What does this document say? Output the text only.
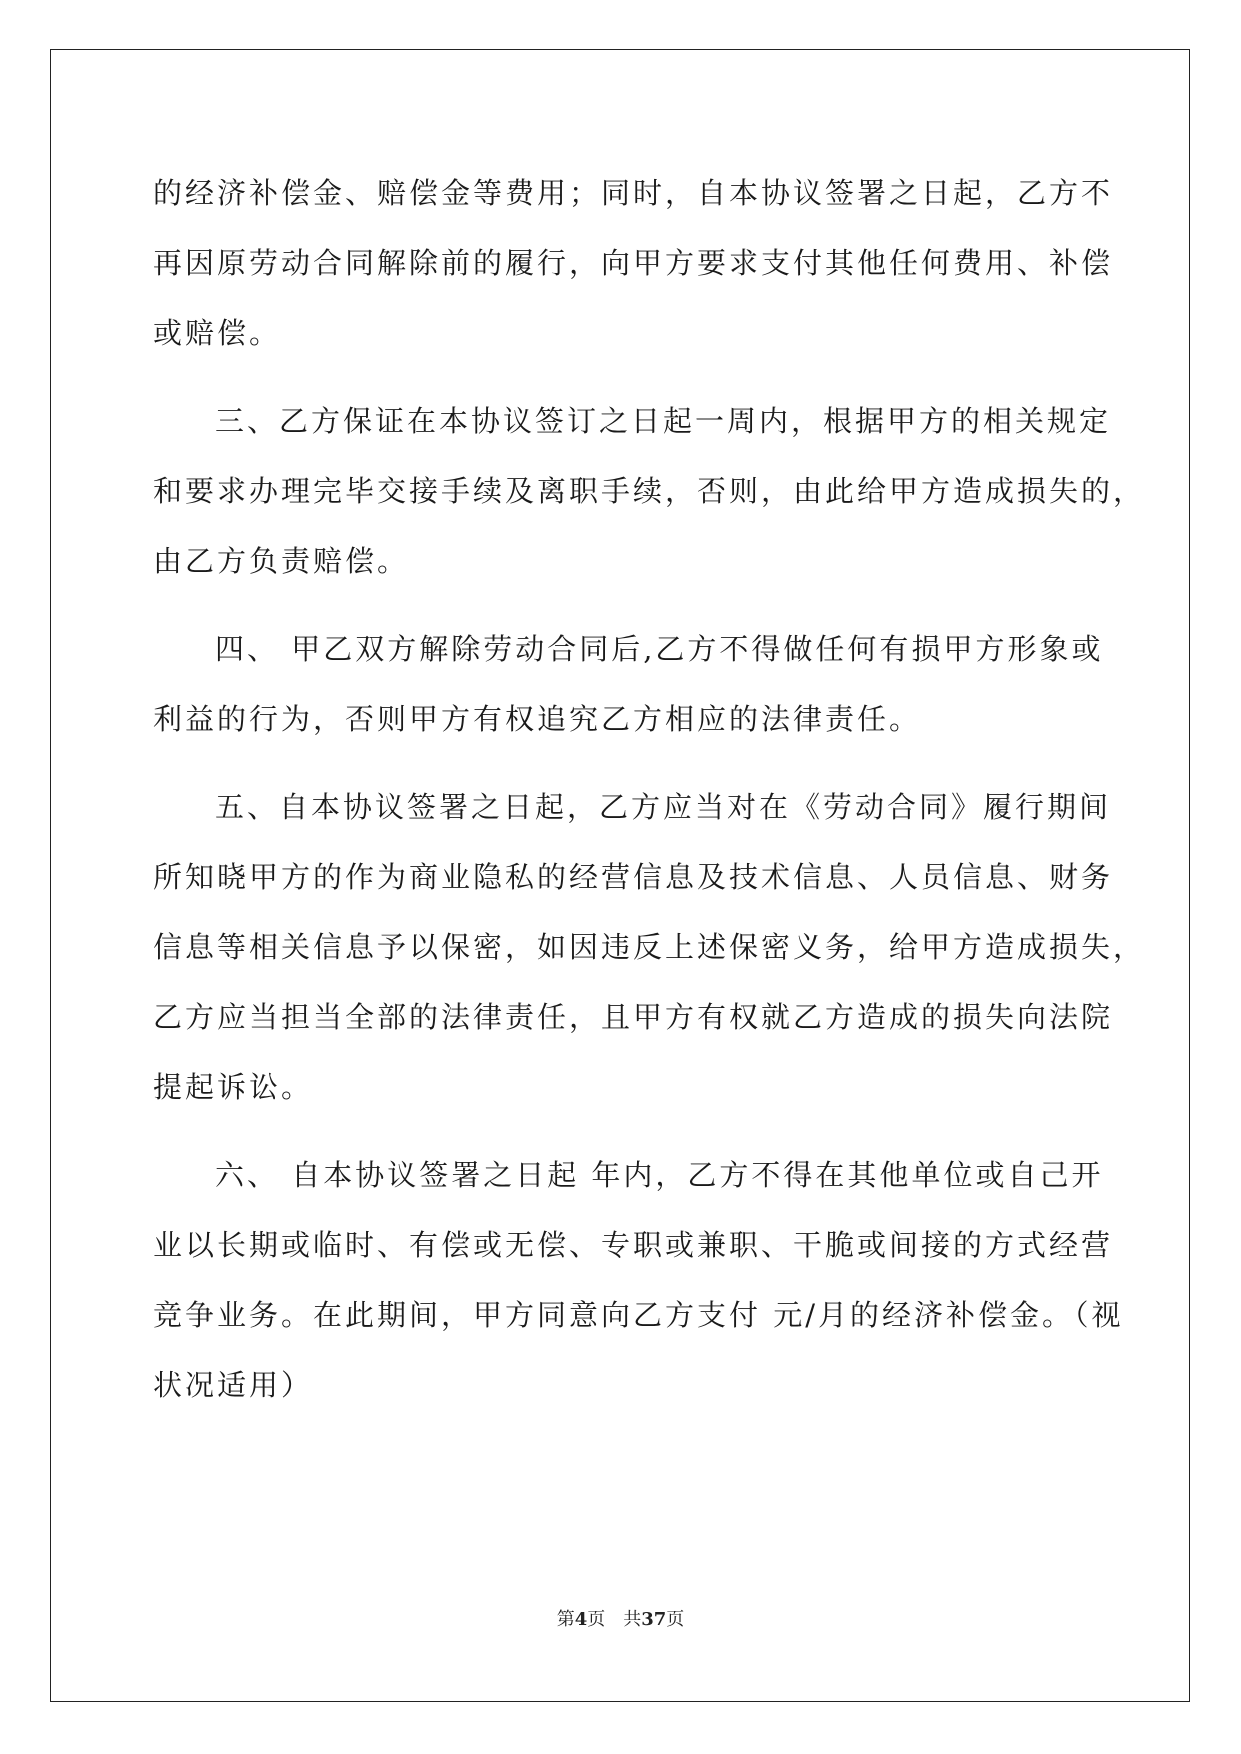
的经济补偿金、赔偿金等费用；同时，自本协议签署之日起，乙方不

再因原劳动合同解除前的履行，向甲方要求支付其他任何费用、补偿

或赔偿。

三、乙方保证在本协议签订之日起一周内，根据甲方的相关规定

和要求办理完毕交接手续及离职手续，否则，由此给甲方造成损失的，

由乙方负责赔偿。

四、 甲乙双方解除劳动合同后,乙方不得做任何有损甲方形象或

利益的行为，否则甲方有权追究乙方相应的法律责任。

五、自本协议签署之日起，乙方应当对在《劳动合同》履行期间

所知晓甲方的作为商业隐私的经营信息及技术信息、人员信息、财务

信息等相关信息予以保密，如因违反上述保密义务，给甲方造成损失，

乙方应当担当全部的法律责任，且甲方有权就乙方造成的损失向法院

提起诉讼。

六、 自本协议签署之日起 年内，乙方不得在其他单位或自己开

业以长期或临时、有偿或无偿、专职或兼职、干脆或间接的方式经营

竞争业务。在此期间，甲方同意向乙方支付 元/月的经济补偿金。（视

状况适用）

第4页　共37页
